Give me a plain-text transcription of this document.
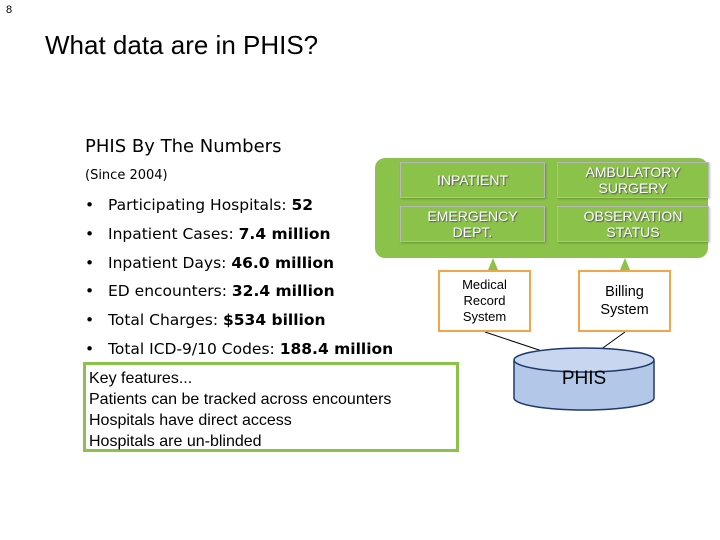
8
What data are in PHIS?
PHIS By The Numbers
(Since 2004)
• Participating Hospitals: 52
• Inpatient Cases: 7.4 million
• Inpatient Days: 46.0 million
• ED encounters: 32.4 million
• Total Charges: $534 billion
• Total ICD-9/10 Codes: 188.4 million
Key features...
Patients can be tracked across encounters
Hospitals have direct access
Hospitals are un-blinded
INPATIENT	AMBULATORY
SURGERY
EMERGENCY
DEPT.
OBSERVATION
STATUS
Medical
Record
System
Billing
System
PHIS
